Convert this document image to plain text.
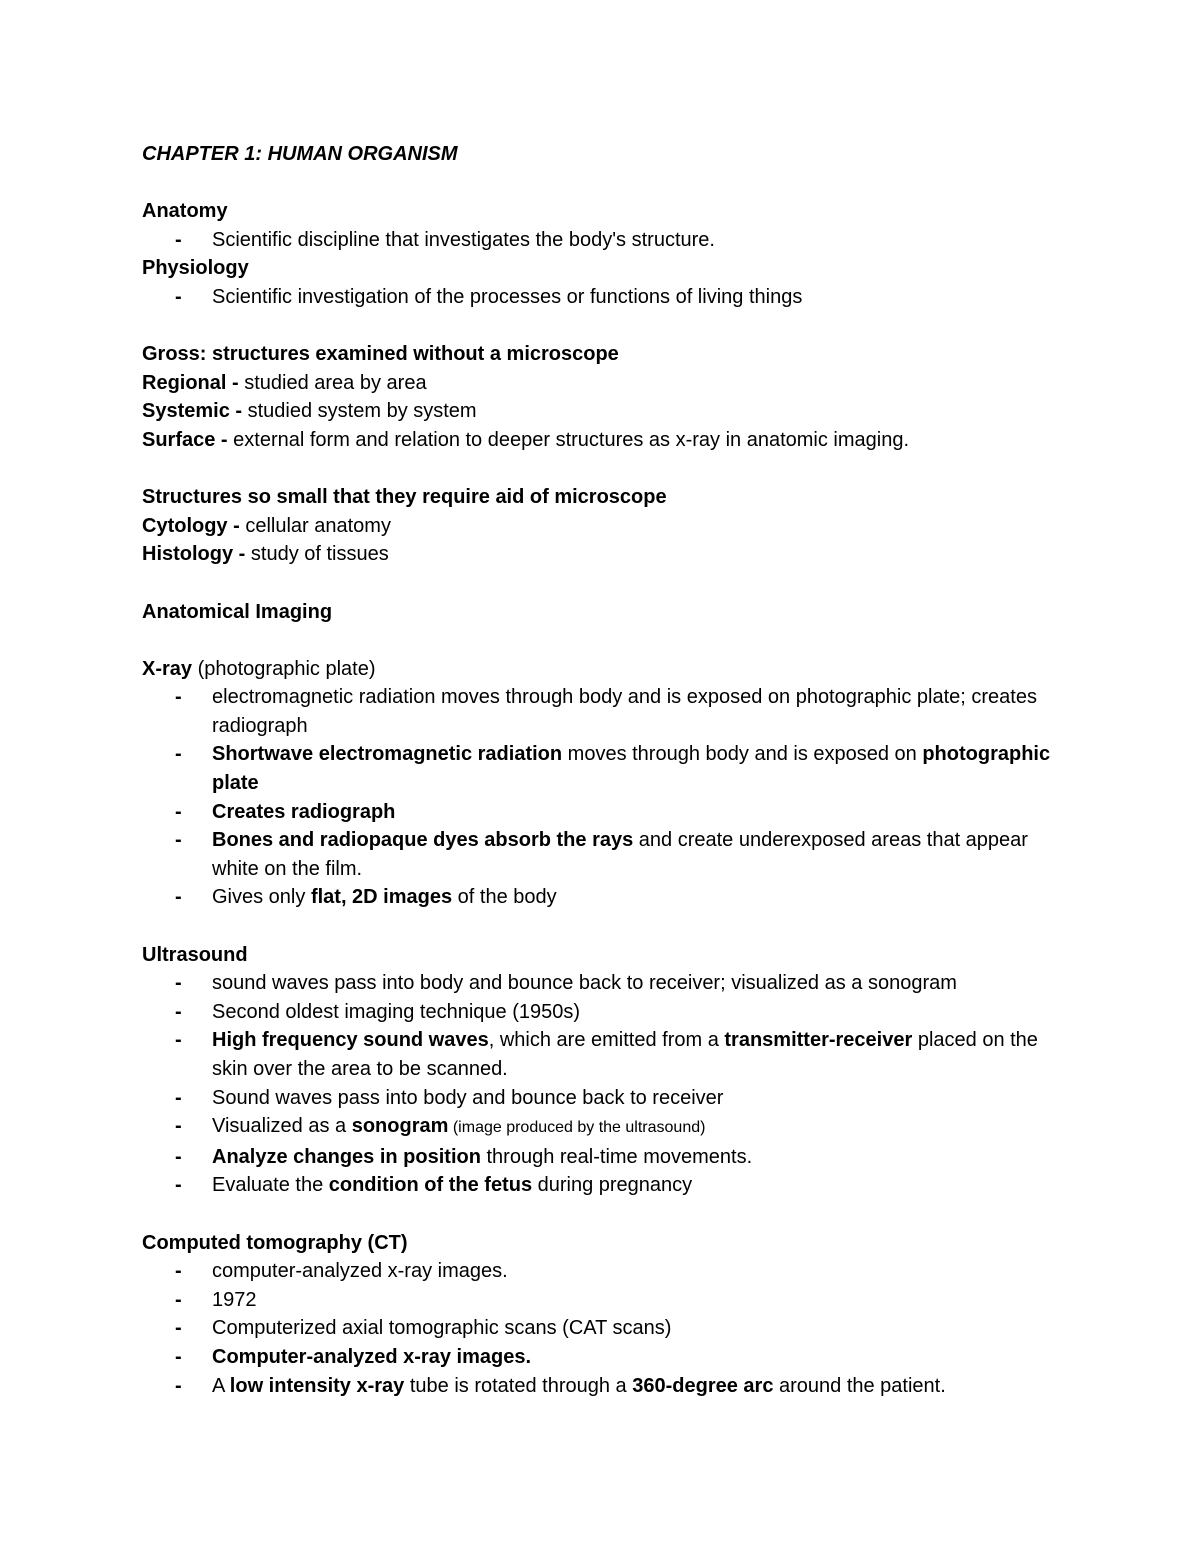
CHAPTER 1: HUMAN ORGANISM
Anatomy
- Scientific discipline that investigates the body's structure.
Physiology
- Scientific investigation of the processes or functions of living things
Gross: structures examined without a microscope
Regional - studied area by area
Systemic - studied system by system
Surface - external form and relation to deeper structures as x-ray in anatomic imaging.
Structures so small that they require aid of microscope
Cytology - cellular anatomy
Histology - study of tissues
Anatomical Imaging
X-ray (photographic plate)
- electromagnetic radiation moves through body and is exposed on photographic plate; creates radiograph
- Shortwave electromagnetic radiation moves through body and is exposed on photographic plate
- Creates radiograph
- Bones and radiopaque dyes absorb the rays and create underexposed areas that appear white on the film.
- Gives only flat, 2D images of the body
Ultrasound
- sound waves pass into body and bounce back to receiver; visualized as a sonogram
- Second oldest imaging technique (1950s)
- High frequency sound waves, which are emitted from a transmitter-receiver placed on the skin over the area to be scanned.
- Sound waves pass into body and bounce back to receiver
- Visualized as a sonogram (image produced by the ultrasound)
- Analyze changes in position through real-time movements.
- Evaluate the condition of the fetus during pregnancy
Computed tomography (CT)
- computer-analyzed x-ray images.
- 1972
- Computerized axial tomographic scans (CAT scans)
- Computer-analyzed x-ray images.
- A low intensity x-ray tube is rotated through a 360-degree arc around the patient.
